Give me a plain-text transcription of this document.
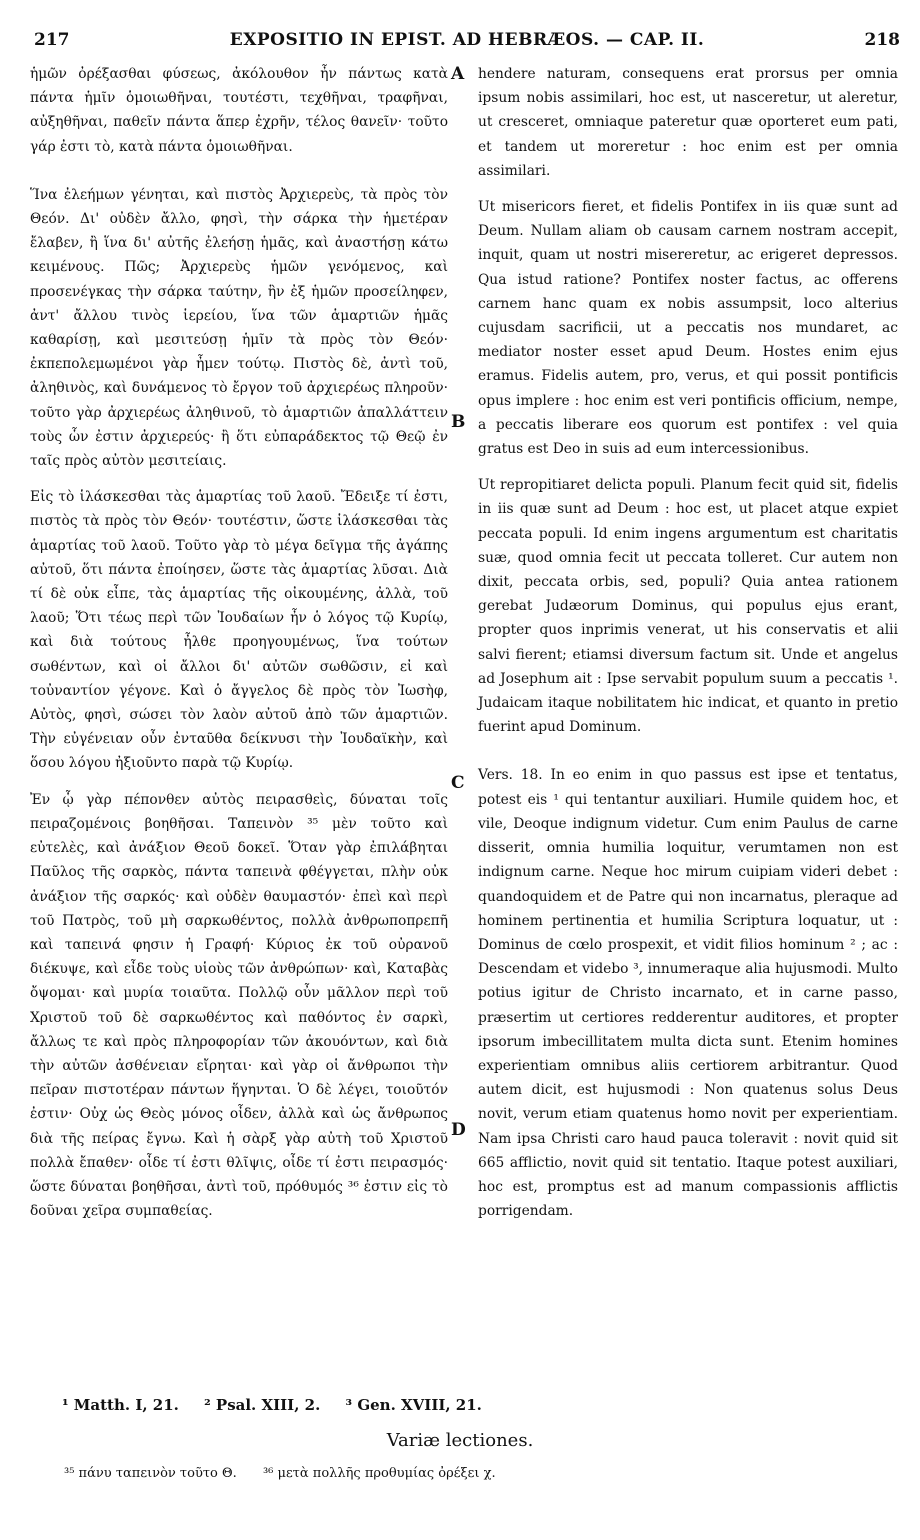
217	EXPOSITIO IN EPIST. AD HEBRÆOS. — CAP. II.	218

ἡμῶν ὀρέξασθαι φύσεως, ἀκόλουθον ἦν πάντως κατὰ πάντα ἡμῖν ὁμοιωθῆναι, τουτέστι, τεχθῆναι, τραφῆναι, αὐξηθῆναι, παθεῖν πάντα ἅπερ ἐχρῆν, τέλος θανεῖν· τοῦτο γάρ ἐστι τὸ, κατὰ πάντα ὁμοιωθῆναι.

Ἵνα ἐλεήμων γένηται, καὶ πιστὸς Ἀρχιερεὺς, τὰ πρὸς τὸν Θεόν. Δι' οὐδὲν ἄλλο, φησὶ, τὴν σάρκα τὴν ἡμετέραν ἔλαβεν, ἢ ἵνα δι' αὐτῆς ἐλεήσῃ ἡμᾶς, καὶ ἀναστήσῃ κάτω κειμένους. Πῶς; Ἀρχιερεὺς ἡμῶν γενόμενος, καὶ προσενέγκας τὴν σάρκα ταύτην, ἣν ἐξ ἡμῶν προσείληφεν, ἀντ' ἄλλου τινὸς ἱερείου, ἵνα τῶν ἁμαρτιῶν ἡμᾶς καθαρίσῃ, καὶ μεσιτεύσῃ ἡμῖν τὰ πρὸς τὸν Θεόν· ἐκπεπολεμωμένοι γὰρ ἦμεν τούτῳ. Πιστὸς δὲ, ἀντὶ τοῦ, ἀληθινὸς, καὶ δυνάμενος τὸ ἔργον τοῦ ἀρχιερέως πληροῦν· τοῦτο γὰρ ἀρχιερέως ἀληθινοῦ, τὸ ἁμαρτιῶν ἀπαλλάττειν τοὺς ὧν ἐστιν ἀρχιερεύς· ἢ ὅτι εὐπαράδεκτος τῷ Θεῷ ἐν ταῖς πρὸς αὐτὸν μεσιτείαις.

Εἰς τὸ ἱλάσκεσθαι τὰς ἁμαρτίας τοῦ λαοῦ. Ἔδειξε τί ἐστι, πιστὸς τὰ πρὸς τὸν Θεόν· τουτέστιν, ὥστε ἱλάσκεσθαι τὰς ἁμαρτίας τοῦ λαοῦ. Τοῦτο γὰρ τὸ μέγα δεῖγμα τῆς ἀγάπης αὐτοῦ, ὅτι πάντα ἐποίησεν, ὥστε τὰς ἁμαρτίας λῦσαι. Διὰ τί δὲ οὐκ εἶπε, τὰς ἁμαρτίας τῆς οἰκουμένης, ἀλλὰ, τοῦ λαοῦ; Ὅτι τέως περὶ τῶν Ἰουδαίων ἦν ὁ λόγος τῷ Κυρίῳ, καὶ διὰ τούτους ἦλθε προηγουμένως, ἵνα τούτων σωθέντων, καὶ οἱ ἄλλοι δι' αὐτῶν σωθῶσιν, εἰ καὶ τοὐναντίον γέγονε. Καὶ ὁ ἄγγελος δὲ πρὸς τὸν Ἰωσὴφ, Αὐτὸς, φησὶ, σώσει τὸν λαὸν αὐτοῦ ἀπὸ τῶν ἁμαρτιῶν. Τὴν εὐγένειαν οὖν ἐνταῦθα δείκνυσι τὴν Ἰουδαϊκὴν, καὶ ὅσου λόγου ἠξιοῦντο παρὰ τῷ Κυρίῳ.

Ἐν ᾧ γὰρ πέπονθεν αὐτὸς πειρασθεὶς, δύναται τοῖς πειραζομένοις βοηθῆσαι. Ταπεινὸν ³⁵ μὲν τοῦτο καὶ εὐτελὲς, καὶ ἀνάξιον Θεοῦ δοκεῖ. Ὅταν γὰρ ἐπιλάβηται Παῦλος τῆς σαρκὸς, πάντα ταπεινὰ φθέγγεται, πλὴν οὐκ ἀνάξιον τῆς σαρκός· καὶ οὐδὲν θαυμαστόν· ἐπεὶ καὶ περὶ τοῦ Πατρὸς, τοῦ μὴ σαρκωθέντος, πολλὰ ἀνθρωποπρεπῆ καὶ ταπεινά φησιν ἡ Γραφή· Κύριος ἐκ τοῦ οὐρανοῦ διέκυψε, καὶ εἶδε τοὺς υἱοὺς τῶν ἀνθρώπων· καὶ, Καταβὰς ὄψομαι· καὶ μυρία τοιαῦτα. Πολλῷ οὖν μᾶλλον περὶ τοῦ Χριστοῦ τοῦ δὲ σαρκωθέντος καὶ παθόντος ἐν σαρκὶ, ἄλλως τε καὶ πρὸς πληροφορίαν τῶν ἀκουόντων, καὶ διὰ τὴν αὐτῶν ἀσθένειαν εἴρηται· καὶ γὰρ οἱ ἄνθρωποι τὴν πεῖραν πιστοτέραν πάντων ἥγηνται. Ὁ δὲ λέγει, τοιοῦτόν ἐστιν· Οὐχ ὡς Θεὸς μόνος οἶδεν, ἀλλὰ καὶ ὡς ἄνθρωπος διὰ τῆς πείρας ἔγνω. Καὶ ἡ σὰρξ γὰρ αὐτὴ τοῦ Χριστοῦ πολλὰ ἔπαθεν· οἶδε τί ἐστι θλῖψις, οἶδε τί ἐστι πειρασμός· ὥστε δύναται βοηθῆσαι, ἀντὶ τοῦ, πρόθυμός ³⁶ ἐστιν εἰς τὸ δοῦναι χεῖρα συμπαθείας.

A
B
C
D

hendere naturam, consequens erat prorsus per omnia ipsum nobis assimilari, hoc est, ut nasceretur, ut aleretur, ut cresceret, omniaque pateretur quæ oporteret eum pati, et tandem ut moreretur : hoc enim est per omnia assimilari.

Ut misericors fieret, et fidelis Pontifex in iis quæ sunt ad Deum. Nullam aliam ob causam carnem nostram accepit, inquit, quam ut nostri misereretur, ac erigeret depressos. Qua istud ratione? Pontifex noster factus, ac offerens carnem hanc quam ex nobis assumpsit, loco alterius cujusdam sacrificii, ut a peccatis nos mundaret, ac mediator noster esset apud Deum. Hostes enim ejus eramus. Fidelis autem, pro, verus, et qui possit pontificis opus implere : hoc enim est veri pontificis officium, nempe, a peccatis liberare eos quorum est pontifex : vel quia gratus est Deo in suis ad eum intercessionibus.

Ut repropitiaret delicta populi. Planum fecit quid sit, fidelis in iis quæ sunt ad Deum : hoc est, ut placet atque expiet peccata populi. Id enim ingens argumentum est charitatis suæ, quod omnia fecit ut peccata tolleret. Cur autem non dixit, peccata orbis, sed, populi? Quia antea rationem gerebat Judæorum Dominus, qui populus ejus erant, propter quos inprimis venerat, ut his conservatis et alii salvi fierent; etiamsi diversum factum sit. Unde et angelus ad Josephum ait : Ipse servabit populum suum a peccatis ¹. Judaicam itaque nobilitatem hic indicat, et quanto in pretio fuerint apud Dominum.

Vers. 18. In eo enim in quo passus est ipse et tentatus, potest eis ¹ qui tentantur auxiliari. Humile quidem hoc, et vile, Deoque indignum videtur. Cum enim Paulus de carne disserit, omnia humilia loquitur, verumtamen non est indignum carne. Neque hoc mirum cuipiam videri debet : quandoquidem et de Patre qui non incarnatus, pleraque ad hominem pertinentia et humilia Scriptura loquatur, ut : Dominus de cœlo prospexit, et vidit filios hominum ² ; ac : Descendam et videbo ³, innumeraque alia hujusmodi. Multo potius igitur de Christo incarnato, et in carne passo, præsertim ut certiores redderentur auditores, et propter ipsorum imbecillitatem multa dicta sunt. Etenim homines experientiam omnibus aliis certiorem arbitrantur. Quod autem dicit, est hujusmodi : Non quatenus solus Deus novit, verum etiam quatenus homo novit per experientiam. Nam ipsa Christi caro haud pauca toleravit : novit quid sit 665 afflictio, novit quid sit tentatio. Itaque potest auxiliari, hoc est, promptus est ad manum compassionis afflictis porrigendam.

¹ Matth. I, 21. ² Psal. XIII, 2. ³ Gen. XVIII, 21.
Variæ lectiones.
³⁵ πάνυ ταπεινὸν τοῦτο Θ. ³⁶ μετὰ πολλῆς προθυμίας ὀρέξει χ.
